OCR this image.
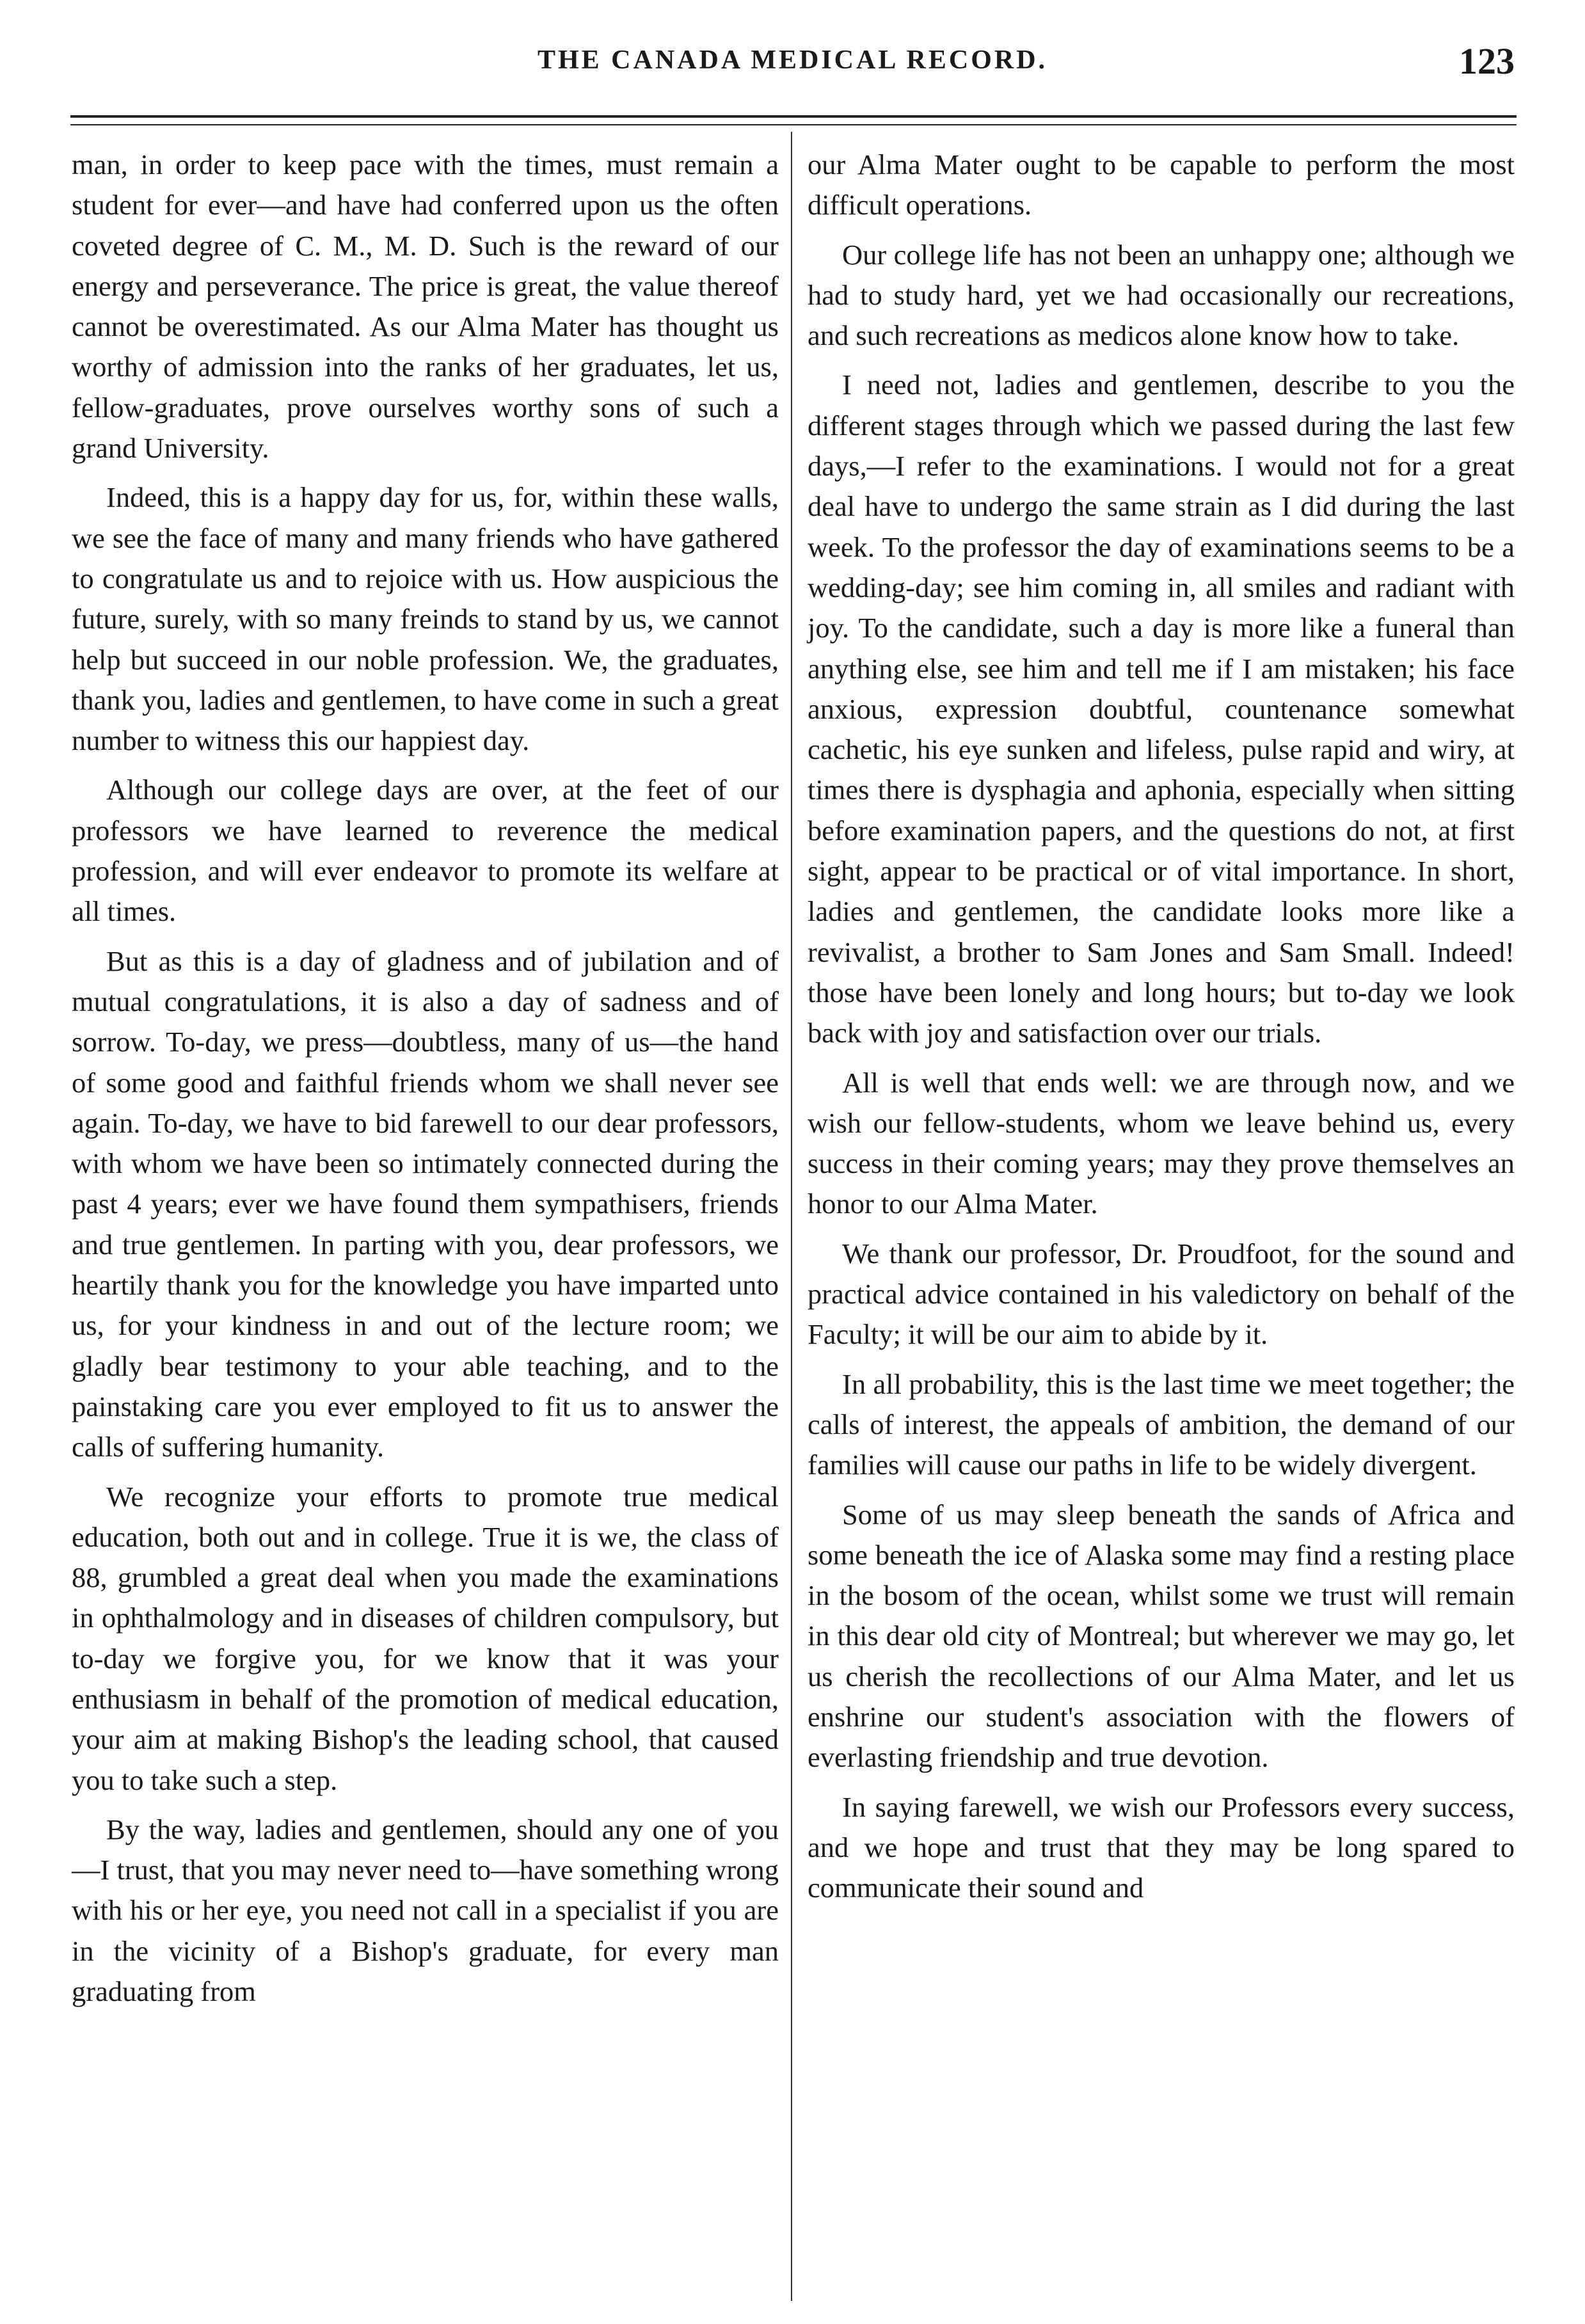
THE CANADA MEDICAL RECORD.	123

man, in order to keep pace with the times, must remain a student for ever—and have had conferred upon us the often coveted degree of C. M., M. D. Such is the reward of our energy and perseverance. The price is great, the value thereof cannot be overestimated. As our Alma Mater has thought us worthy of admission into the ranks of her graduates, let us, fellow-graduates, prove ourselves worthy sons of such a grand University.

Indeed, this is a happy day for us, for, within these walls, we see the face of many and many friends who have gathered to congratulate us and to rejoice with us. How auspicious the future, surely, with so many freinds to stand by us, we cannot help but succeed in our noble profession. We, the graduates, thank you, ladies and gentlemen, to have come in such a great number to witness this our happiest day.

Although our college days are over, at the feet of our professors we have learned to reverence the medical profession, and will ever endeavor to promote its welfare at all times.

But as this is a day of gladness and of jubilation and of mutual congratulations, it is also a day of sadness and of sorrow. To-day, we press—doubtless, many of us—the hand of some good and faithful friends whom we shall never see again. To-day, we have to bid farewell to our dear professors, with whom we have been so intimately connected during the past 4 years; ever we have found them sympathisers, friends and true gentlemen. In parting with you, dear professors, we heartily thank you for the knowledge you have imparted unto us, for your kindness in and out of the lecture room; we gladly bear testimony to your able teaching, and to the painstaking care you ever employed to fit us to answer the calls of suffering humanity.

We recognize your efforts to promote true medical education, both out and in college. True it is we, the class of 88, grumbled a great deal when you made the examinations in ophthalmology and in diseases of children compulsory, but to-day we forgive you, for we know that it was your enthusiasm in behalf of the promotion of medical education, your aim at making Bishop's the leading school, that caused you to take such a step.

By the way, ladies and gentlemen, should any one of you—I trust, that you may never need to—have something wrong with his or her eye, you need not call in a specialist if you are in the vicinity of a Bishop's graduate, for every man graduating from

our Alma Mater ought to be capable to perform the most difficult operations.

Our college life has not been an unhappy one; although we had to study hard, yet we had occasionally our recreations, and such recreations as medicos alone know how to take.

I need not, ladies and gentlemen, describe to you the different stages through which we passed during the last few days,—I refer to the examinations. I would not for a great deal have to undergo the same strain as I did during the last week. To the professor the day of examinations seems to be a wedding-day; see him coming in, all smiles and radiant with joy. To the candidate, such a day is more like a funeral than anything else, see him and tell me if I am mistaken; his face anxious, expression doubtful, countenance somewhat cachetic, his eye sunken and lifeless, pulse rapid and wiry, at times there is dysphagia and aphonia, especially when sitting before examination papers, and the questions do not, at first sight, appear to be practical or of vital importance. In short, ladies and gentlemen, the candidate looks more like a revivalist, a brother to Sam Jones and Sam Small. Indeed! those have been lonely and long hours; but to-day we look back with joy and satisfaction over our trials.

All is well that ends well: we are through now, and we wish our fellow-students, whom we leave behind us, every success in their coming years; may they prove themselves an honor to our Alma Mater.

We thank our professor, Dr. Proudfoot, for the sound and practical advice contained in his valedictory on behalf of the Faculty; it will be our aim to abide by it.

In all probability, this is the last time we meet together; the calls of interest, the appeals of ambition, the demand of our families will cause our paths in life to be widely divergent.

Some of us may sleep beneath the sands of Africa and some beneath the ice of Alaska some may find a resting place in the bosom of the ocean, whilst some we trust will remain in this dear old city of Montreal; but wherever we may go, let us cherish the recollections of our Alma Mater, and let us enshrine our student's association with the flowers of everlasting friendship and true devotion.

In saying farewell, we wish our Professors every success, and we hope and trust that they may be long spared to communicate their sound and
